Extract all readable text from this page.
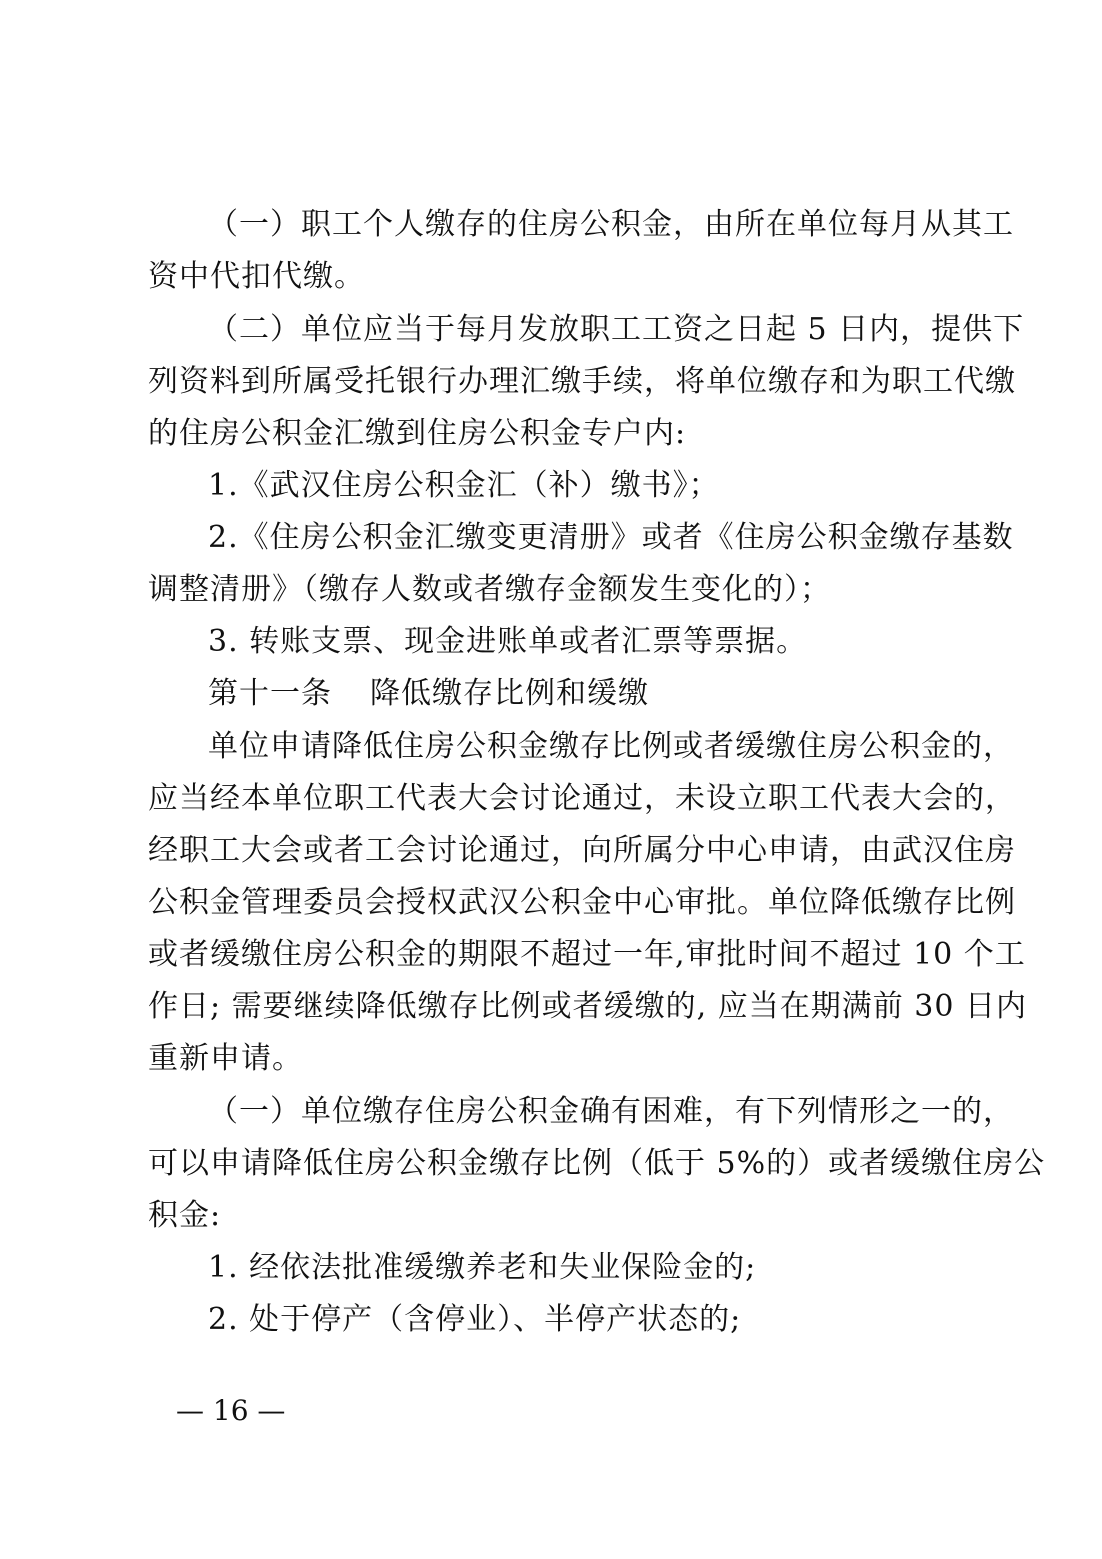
（一）职工个人缴存的住房公积金，由所在单位每月从其工
资中代扣代缴。
（二）单位应当于每月发放职工工资之日起 5 日内，提供下
列资料到所属受托银行办理汇缴手续，将单位缴存和为职工代缴
的住房公积金汇缴到住房公积金专户内:
1.《武汉住房公积金汇（补）缴书》；
2.《住房公积金汇缴变更清册》或者《住房公积金缴存基数
调整清册》（缴存人数或者缴存金额发生变化的）；
3. 转账支票、现金进账单或者汇票等票据。
第十一条 降低缴存比例和缓缴
单位申请降低住房公积金缴存比例或者缓缴住房公积金的，
应当经本单位职工代表大会讨论通过，未设立职工代表大会的，
经职工大会或者工会讨论通过，向所属分中心申请，由武汉住房
公积金管理委员会授权武汉公积金中心审批。单位降低缴存比例
或者缓缴住房公积金的期限不超过一年,审批时间不超过 10 个工
作日; 需要继续降低缴存比例或者缓缴的, 应当在期满前 30 日内
重新申请。
（一）单位缴存住房公积金确有困难，有下列情形之一的，
可以申请降低住房公积金缴存比例（低于 5%的）或者缓缴住房公
积金:
1. 经依法批准缓缴养老和失业保险金的;
2. 处于停产（含停业）、半停产状态的;
— 16 —
